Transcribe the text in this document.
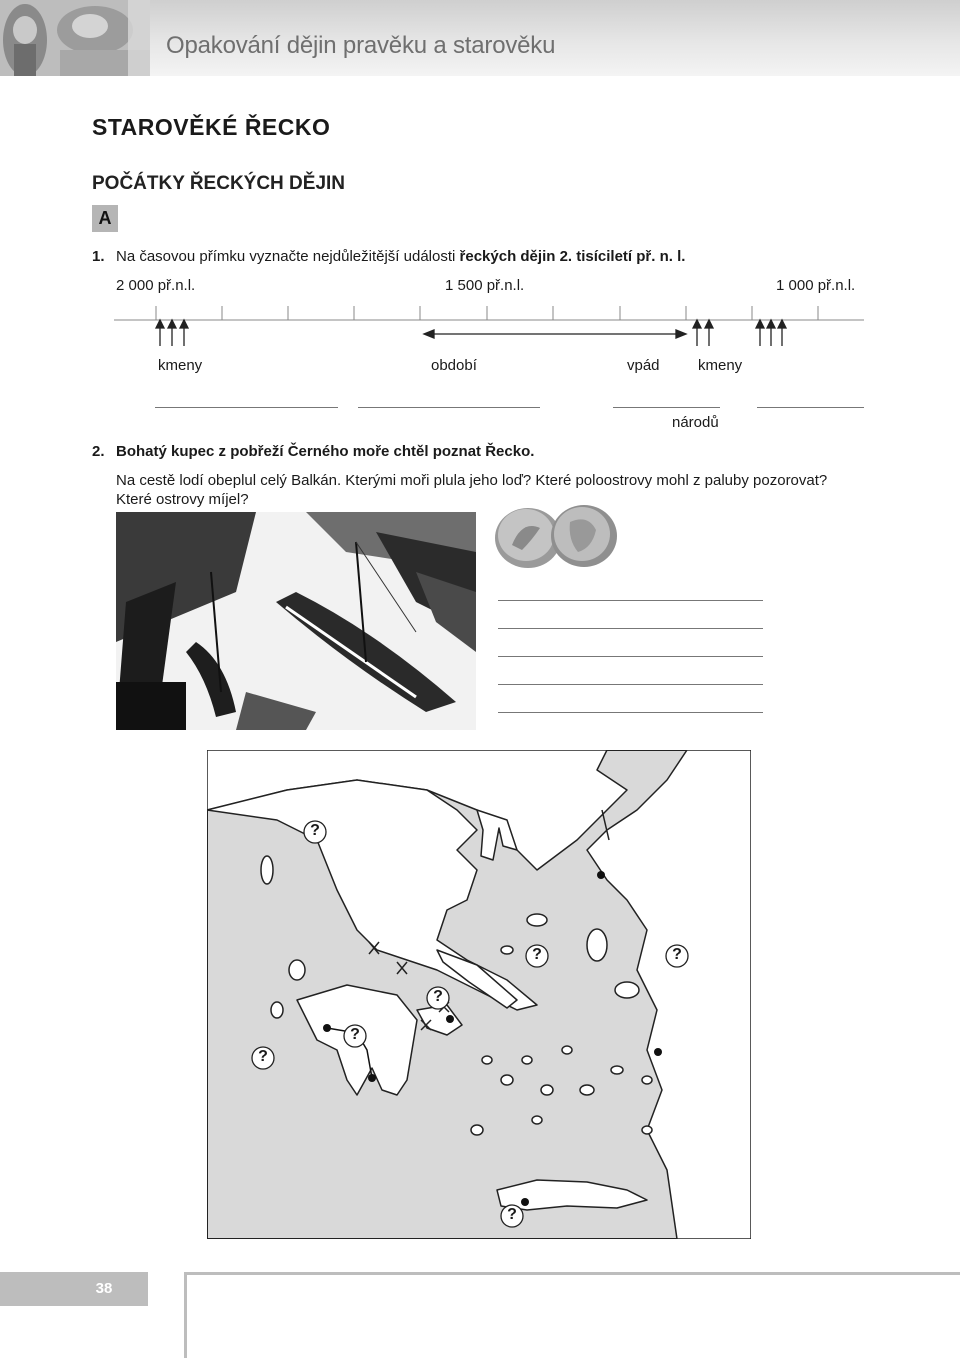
Opakování dějin pravěku a starověku
STAROVĚKÉ ŘECKO
POČÁTKY ŘECKÝCH DĚJIN
A
1. Na časovou přímku vyznačte nejdůležitější události řeckých dějin 2. tisíciletí př. n. l.
2 000 př.n.l.	1 500 př.n.l.	1 000 př.n.l.
kmeny	období	vpád	kmeny
národů
2. Bohatý kupec z pobřeží Černého moře chtěl poznat Řecko.
Na cestě lodí obeplul celý Balkán. Kterými moři plula jeho loď? Které poloostrovy mohl z paluby pozorovat?
Které ostrovy míjel?
?
?	?
?
?
?
?
38
